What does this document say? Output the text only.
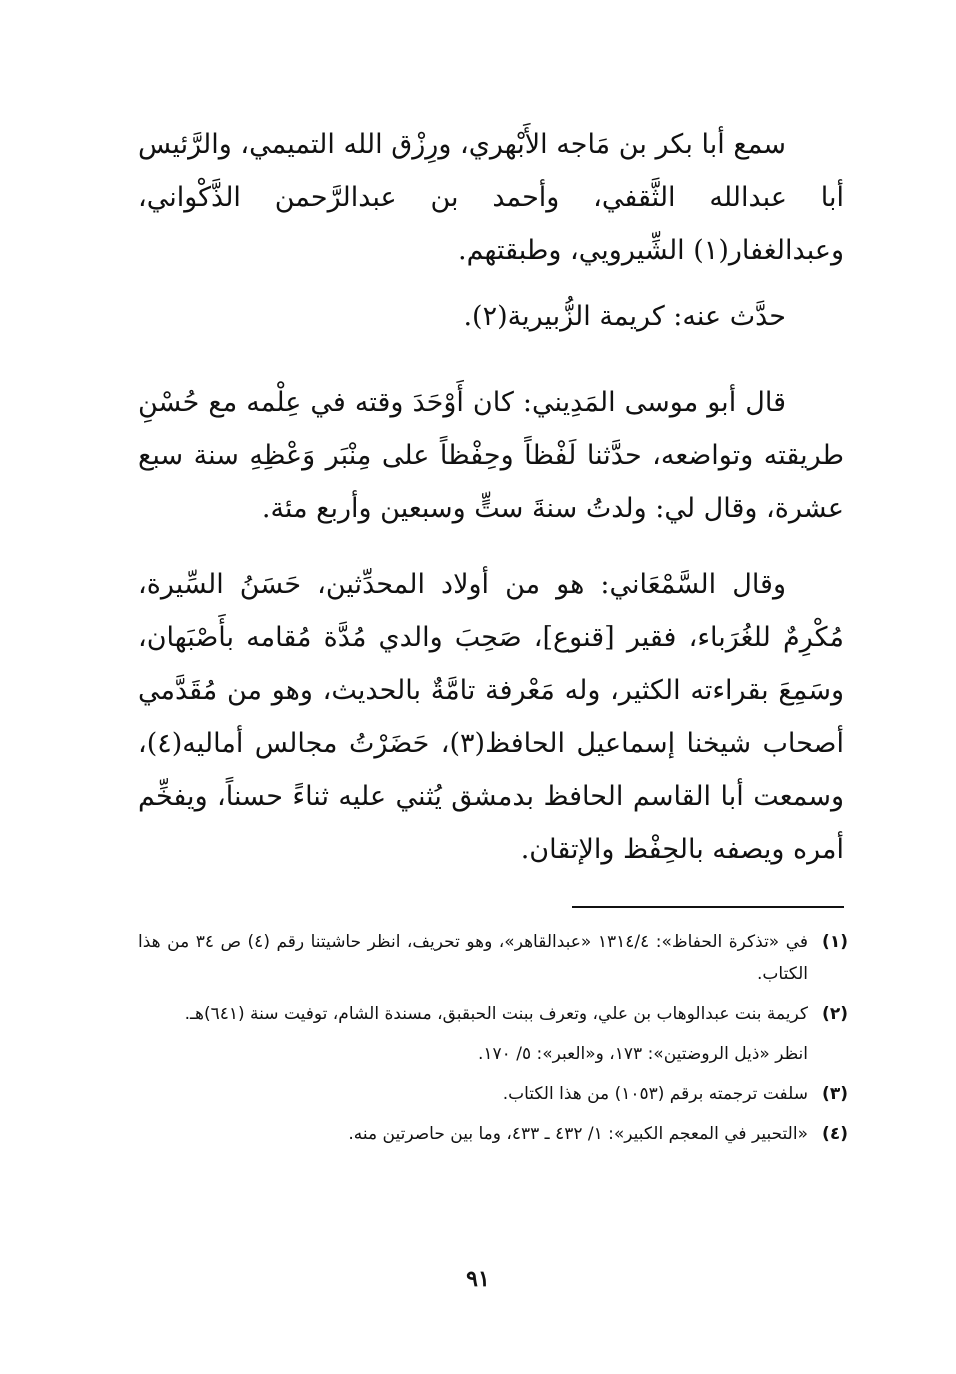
سمع أبا بكر بن مَاجه الأَبْهري، ورِزْق الله التميمي، والرَّئيس أبا عبدالله الثَّقفي، وأحمد بن عبدالرَّحمن الذَّكْواني، وعبدالغفار(١) الشِّيرويي، وطبقتهم.

حدَّث عنه: كريمة الزُّبيرية(٢).

قال أبو موسى المَدِيني: كان أَوْحَدَ وقته في عِلْمه مع حُسْنِ طريقته وتواضعه، حدَّثنا لَفْظاً وحِفْظاً على مِنْبَر وَعْظِهِ سنة سبع عشرة، وقال لي: ولدتُ سنةَ ستٍّ وسبعين وأربع مئة.

وقال السَّمْعَاني: هو من أولاد المحدِّثين، حَسَنُ السِّيرة، مُكْرِمٌ للغُرَباء، فقير [قنوع]، صَحِبَ والدي مُدَّة مُقامه بأَصْبَهان، وسَمِعَ بقراءته الكثير، وله مَعْرفة تامَّةٌ بالحديث، وهو من مُقَدَّمي أصحاب شيخنا إسماعيل الحافظ(٣)، حَضَرْتُ مجالس أماليه(٤)، وسمعت أبا القاسم الحافظ بدمشق يُثني عليه ثناءً حسناً، ويفخِّم أمره ويصفه بالحِفْظ والإتقان.

(١)
في «تذكرة الحفاظ»: ١٣١٤/٤ «عبدالقاهر»، وهو تحريف، انظر حاشيتنا رقم (٤) ص ٣٤ من هذا الكتاب.
(٢)
كريمة بنت عبدالوهاب بن علي، وتعرف ببنت الحبقبق، مسندة الشام، توفيت سنة (٦٤١)هـ.
انظر «ذيل الروضتين»: ١٧٣، و«العبر»: ٥/ ١٧٠.
(٣)
سلفت ترجمته برقم (١٠٥٣) من هذا الكتاب.
(٤)
«التحبير في المعجم الكبير»: ١/ ٤٣٢ ـ ٤٣٣، وما بين حاصرتين منه.
٩١
